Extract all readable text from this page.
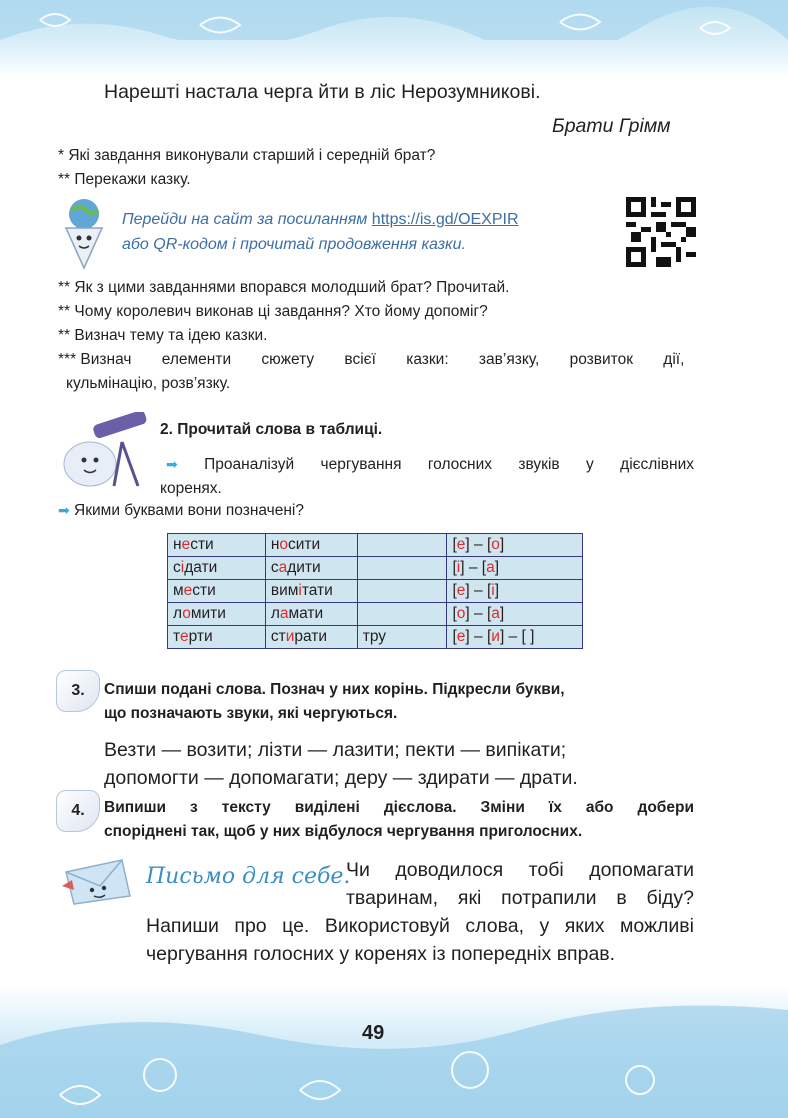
Нарешті настала черга йти в ліс Нерозумникові.
Брати Грімм
* Які завдання виконували старший і середній брат?
** Перекажи казку.
Перейди на сайт за посиланням https://is.gd/OEXPIR
або QR-кодом і прочитай продовження казки.
** Як з цими завданнями впорався молодший брат? Прочитай.
** Чому королевич виконав ці завдання? Хто йому допоміг?
** Визнач тему та ідею казки.
*** Визнач елементи сюжету всієї казки: зав’язку, розвиток дії,
кульмінацію, розв’язку.
2. Прочитай слова в таблиці.
➡ Проаналізуй чергування голосних звуків у дієслівних
коренях.
➡ Якими буквами вони позначені?
нести	носити		[е] – [о]
сідати	садити		[і] – [а]
мести	вимітати		[е] – [і]
ломити	ламати		[о] – [а]
терти	стирати	тру	[е] – [и] – [ ]
3. Спиши подані слова. Познач у них корінь. Підкресли букви,
що позначають звуки, які чергуються.
Везти — возити; лізти — лазити; пекти — випікати;
допомогти — допомагати; деру — здирати — драти.
4. Випиши з тексту виділені дієслова. Зміни їх або добери
споріднені так, щоб у них відбулося чергування приголосних.
Письмо для себе.
Чи доводилося тобі допомагати
тваринам, які потрапили в біду?
Напиши про це. Використовуй слова, у яких можливі
чергування голосних у коренях із попередніх вправ.
49
